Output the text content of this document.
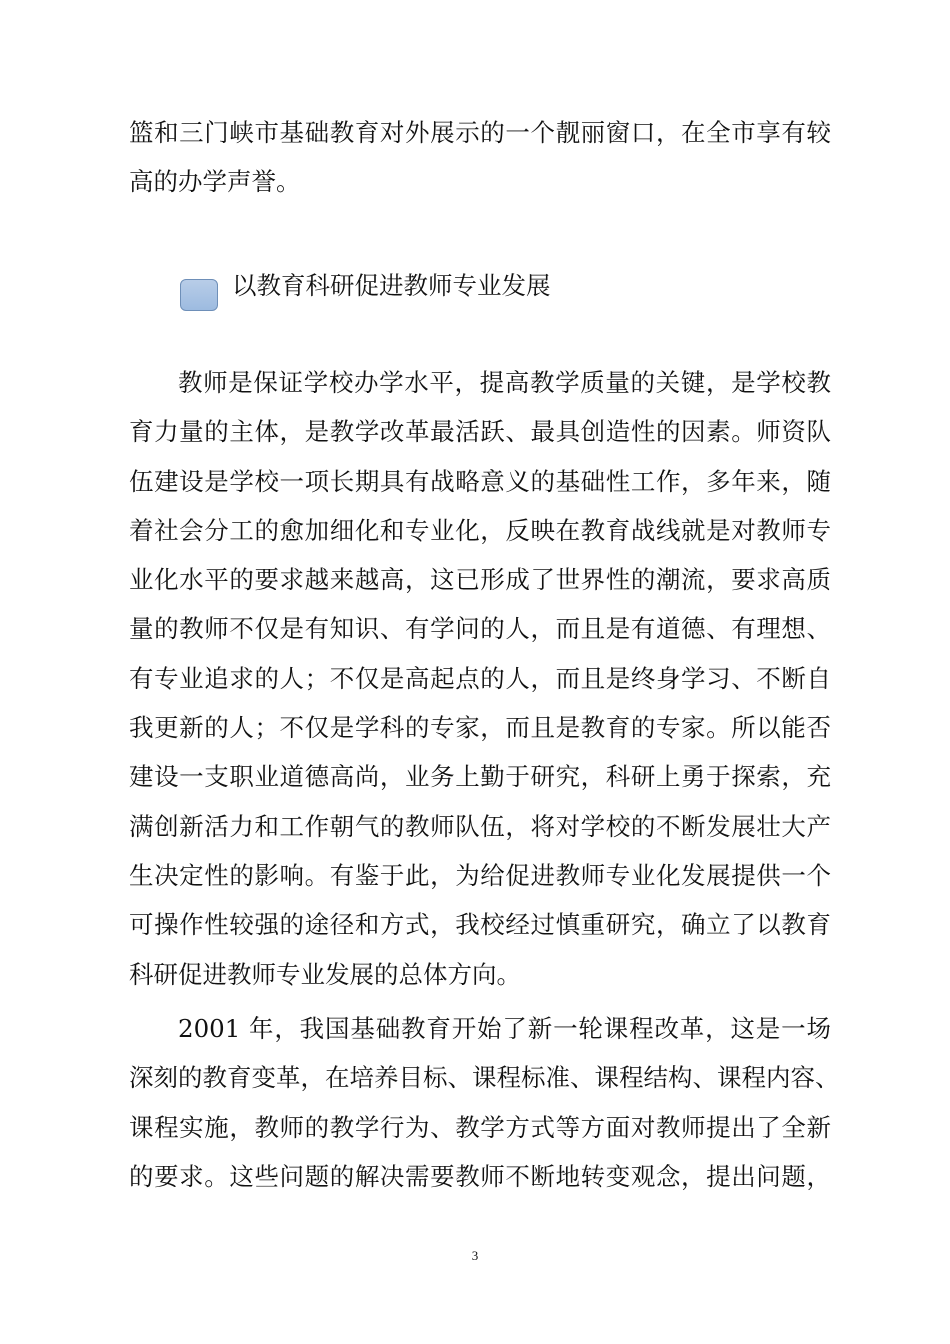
篮和三门峡市基础教育对外展示的一个靓丽窗口，在全市享有较
高的办学声誉。
以教育科研促进教师专业发展
教师是保证学校办学水平，提高教学质量的关键，是学校教
育力量的主体，是教学改革最活跃、最具创造性的因素。师资队
伍建设是学校一项长期具有战略意义的基础性工作，多年来，随
着社会分工的愈加细化和专业化，反映在教育战线就是对教师专
业化水平的要求越来越高，这已形成了世界性的潮流，要求高质
量的教师不仅是有知识、有学问的人，而且是有道德、有理想、
有专业追求的人；不仅是高起点的人，而且是终身学习、不断自
我更新的人；不仅是学科的专家，而且是教育的专家。所以能否
建设一支职业道德高尚，业务上勤于研究，科研上勇于探索，充
满创新活力和工作朝气的教师队伍，将对学校的不断发展壮大产
生决定性的影响。有鉴于此，为给促进教师专业化发展提供一个
可操作性较强的途径和方式，我校经过慎重研究，确立了以教育
科研促进教师专业发展的总体方向。
2001 年，我国基础教育开始了新一轮课程改革，这是一场
深刻的教育变革，在培养目标、课程标准、课程结构、课程内容、
课程实施，教师的教学行为、教学方式等方面对教师提出了全新
的要求。这些问题的解决需要教师不断地转变观念，提出问题，
3
